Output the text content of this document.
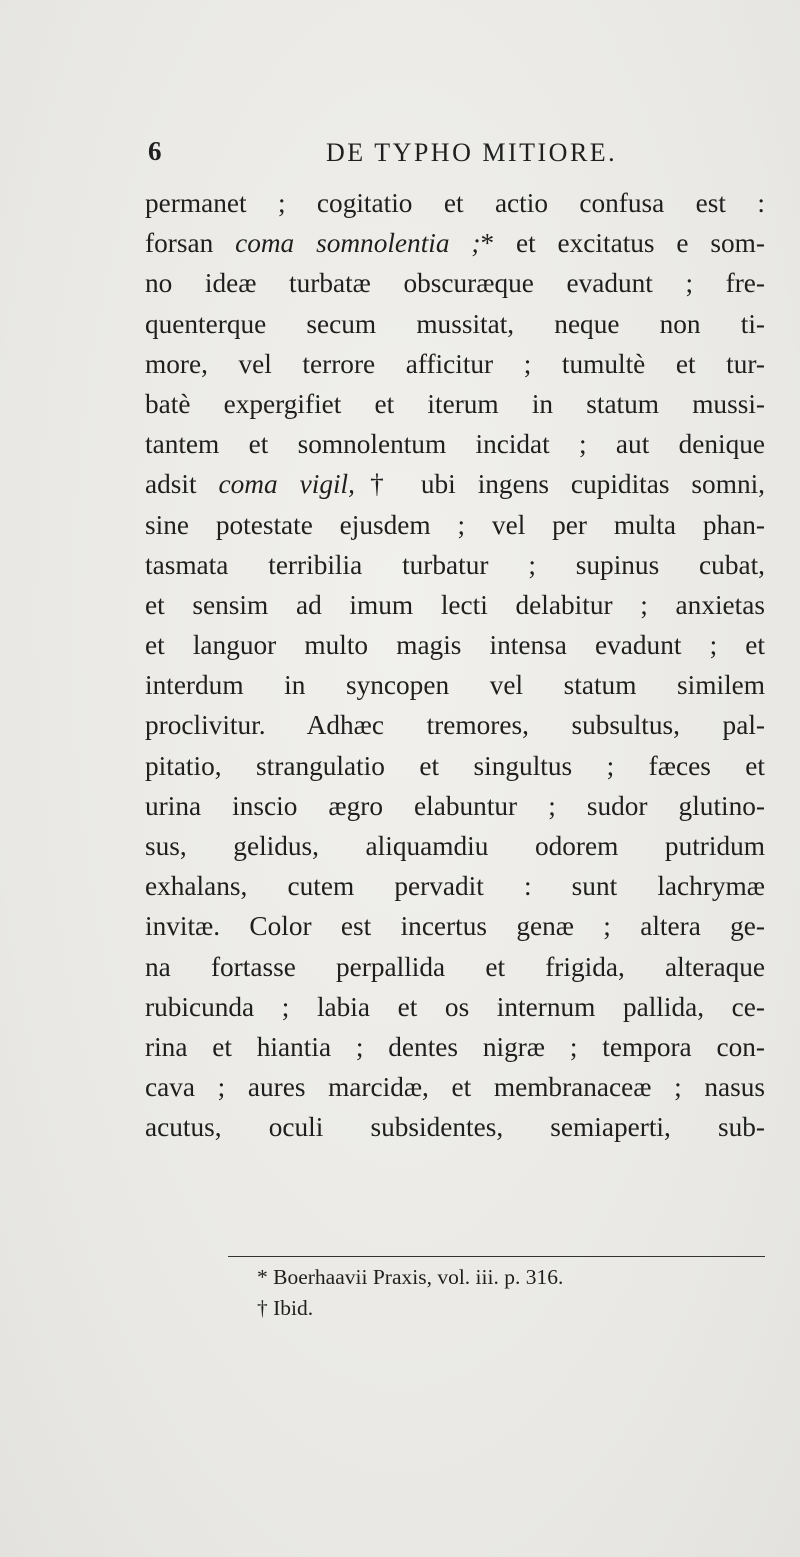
6	DE TYPHO MITIORE.
permanet ; cogitatio et actio confusa est :
forsan coma somnolentia ;* et excitatus e som-
no ideæ turbatæ obscuræque evadunt ; fre-
quenterque secum mussitat, neque non ti-
more, vel terrore afficitur ; tumultè et tur-
batè expergifiet et iterum in statum mussi-
tantem et somnolentum incidat ; aut denique
adsit coma vigil,† ubi ingens cupiditas somni,
sine potestate ejusdem ; vel per multa phan-
tasmata terribilia turbatur ; supinus cubat,
et sensim ad imum lecti delabitur ; anxietas
et languor multo magis intensa evadunt ; et
interdum in syncopen vel statum similem
proclivitur. Adhæc tremores, subsultus, pal-
pitatio, strangulatio et singultus ; fæces et
urina inscio ægro elabuntur ; sudor glutino-
sus, gelidus, aliquamdiu odorem putridum
exhalans, cutem pervadit : sunt lachrymæ
invitæ. Color est incertus genæ ; altera ge-
na fortasse perpallida et frigida, alteraque
rubicunda ; labia et os internum pallida, ce-
rina et hiantia ; dentes nigræ ; tempora con-
cava ; aures marcidæ, et membranaceæ ; nasus
acutus, oculi subsidentes, semiaperti, sub-
* Boerhaavii Praxis, vol. iii. p. 316.
† Ibid.
